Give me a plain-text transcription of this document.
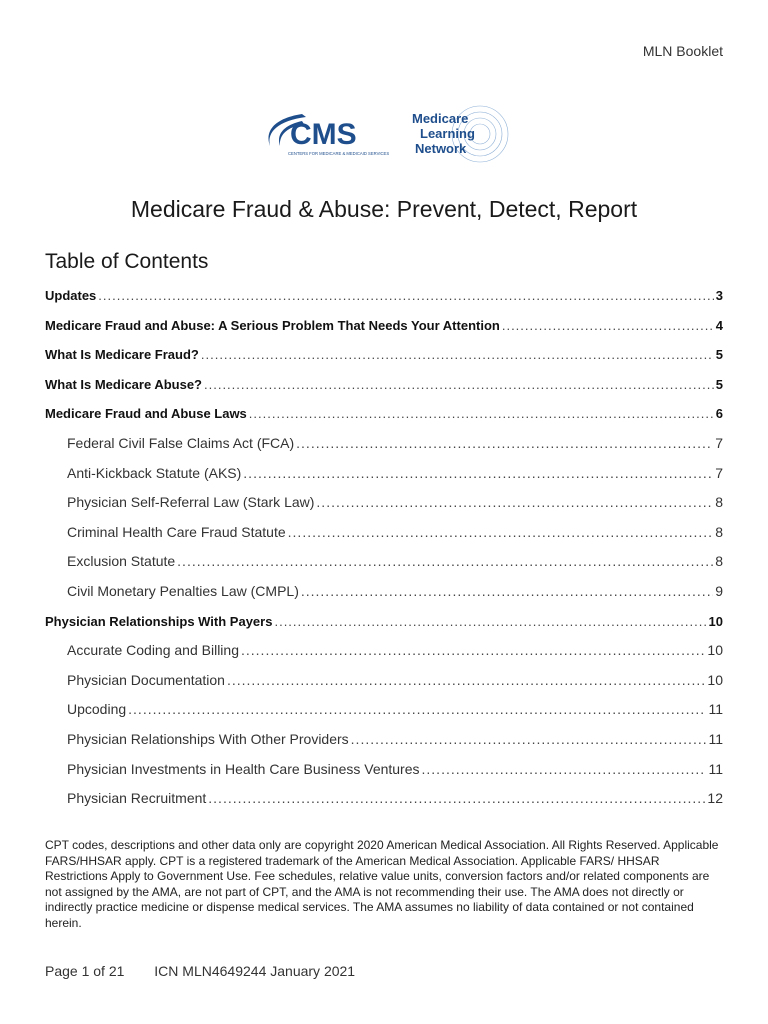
MLN Booklet
CMS
CENTERS FOR MEDICARE & MEDICAID SERVICES
Medicare
Learning
Network
Medicare Fraud & Abuse: Prevent, Detect, Report
Table of Contents
Updates .....	3
Medicare Fraud and Abuse: A Serious Problem That Needs Your Attention .....	4
What Is Medicare Fraud? .....	5
What Is Medicare Abuse? .....	5
Medicare Fraud and Abuse Laws .....	6
Federal Civil False Claims Act (FCA) .....	7
Anti-Kickback Statute (AKS) .....	7
Physician Self-Referral Law (Stark Law) .....	8
Criminal Health Care Fraud Statute .....	8
Exclusion Statute .....	8
Civil Monetary Penalties Law (CMPL) .....	9
Physician Relationships With Payers .....	10
Accurate Coding and Billing .....	10
Physician Documentation .....	10
Upcoding .....	11
Physician Relationships With Other Providers .....	11
Physician Investments in Health Care Business Ventures .....	11
Physician Recruitment .....	12

CPT codes, descriptions and other data only are copyright 2020 American Medical Association. All Rights Reserved. Applicable FARS/HHSAR apply. CPT is a registered trademark of the American Medical Association. Applicable FARS/ HHSAR Restrictions Apply to Government Use. Fee schedules, relative value units, conversion factors and/or related components are not assigned by the AMA, are not part of CPT, and the AMA is not recommending their use. The AMA does not directly or indirectly practice medicine or dispense medical services. The AMA assumes no liability of data contained or not contained herein.

Page 1 of 21 ICN MLN4649244 January 2021
